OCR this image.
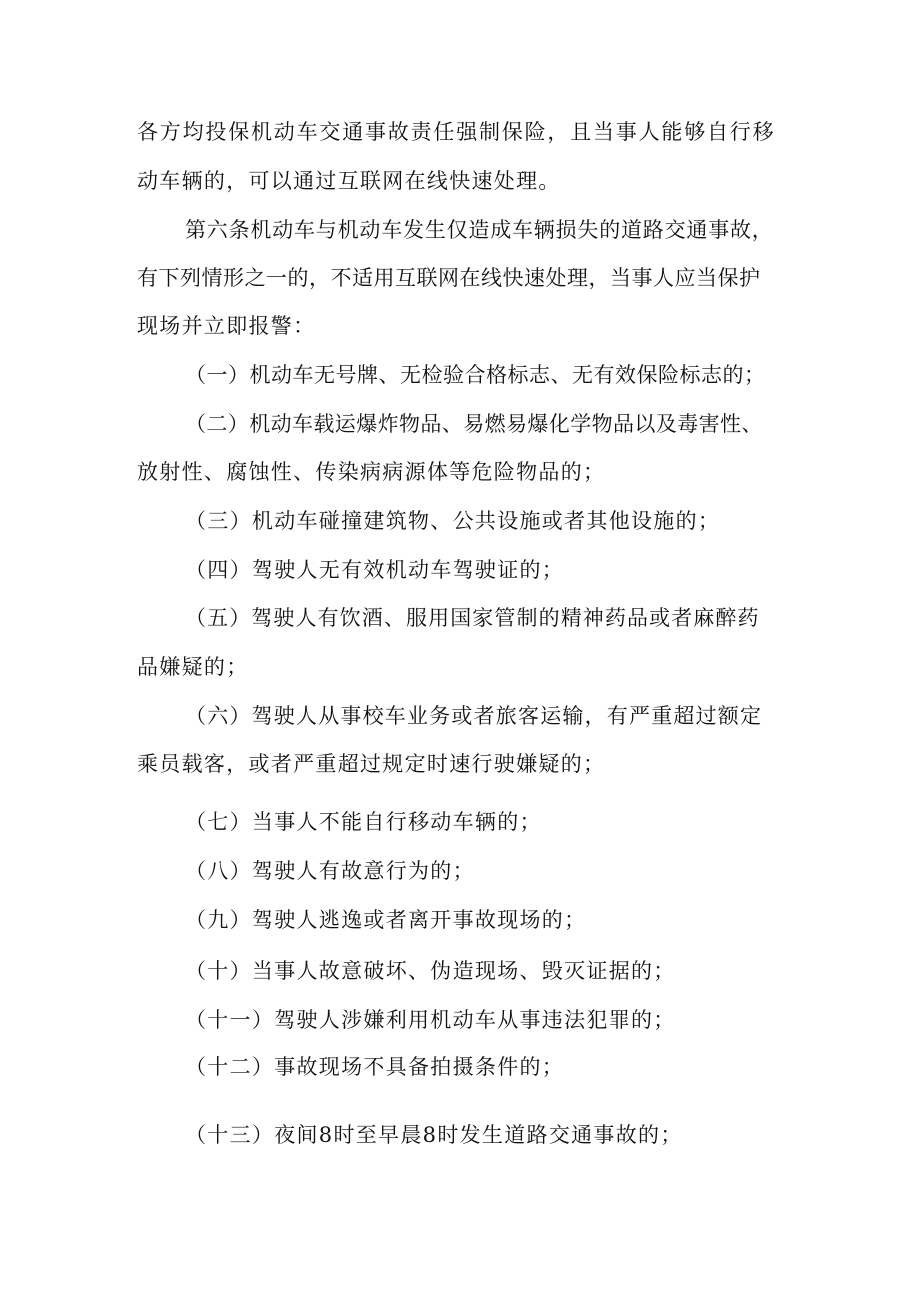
各方均投保机动车交通事故责任强制保险，且当事人能够自行移
动车辆的，可以通过互联网在线快速处理。
第六条机动车与机动车发生仅造成车辆损失的道路交通事故，
有下列情形之一的，不适用互联网在线快速处理，当事人应当保护
现场并立即报警：
（一）机动车无号牌、无检验合格标志、无有效保险标志的；
（二）机动车载运爆炸物品、易燃易爆化学物品以及毒害性、
放射性、腐蚀性、传染病病源体等危险物品的；
（三）机动车碰撞建筑物、公共设施或者其他设施的；
（四）驾驶人无有效机动车驾驶证的；
（五）驾驶人有饮酒、服用国家管制的精神药品或者麻醉药
品嫌疑的；
（六）驾驶人从事校车业务或者旅客运输，有严重超过额定
乘员载客，或者严重超过规定时速行驶嫌疑的；
（七）当事人不能自行移动车辆的；
（八）驾驶人有故意行为的；
（九）驾驶人逃逸或者离开事故现场的；
（十）当事人故意破坏、伪造现场、毁灭证据的；
（十一）驾驶人涉嫌利用机动车从事违法犯罪的；
（十二）事故现场不具备拍摄条件的；
（十三）夜间8时至早晨8时发生道路交通事故的；
